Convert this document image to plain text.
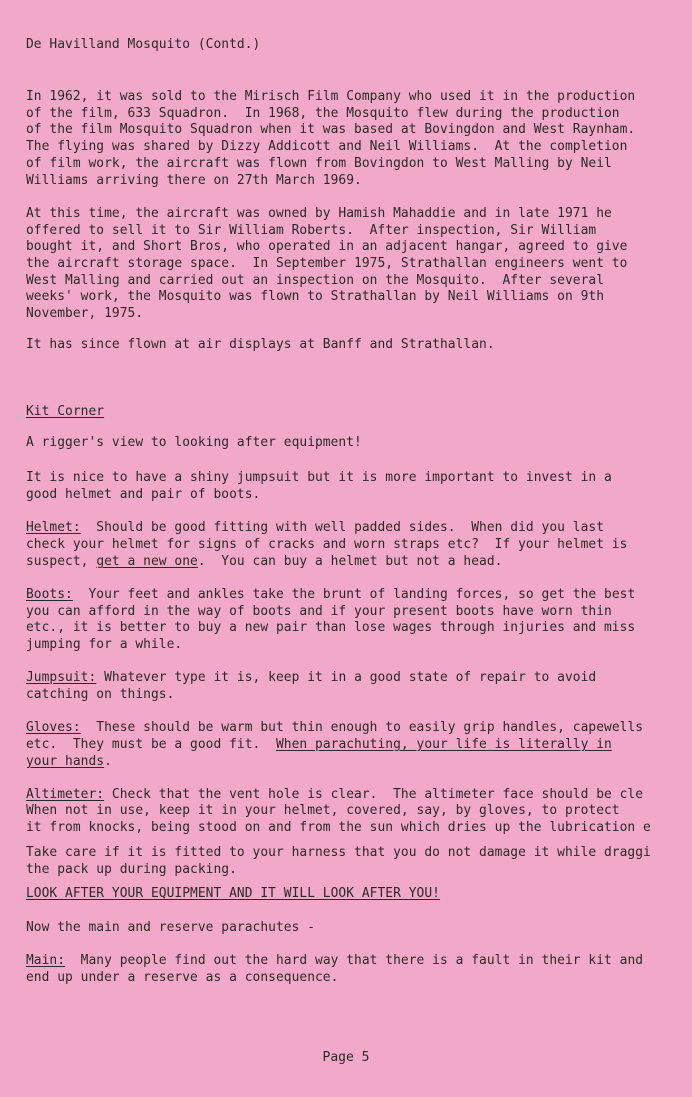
De Havilland Mosquito (Contd.)
In 1962, it was sold to the Mirisch Film Company who used it in the production
of the film, 633 Squadron.  In 1968, the Mosquito flew during the production
of the film Mosquito Squadron when it was based at Bovingdon and West Raynham.
The flying was shared by Dizzy Addicott and Neil Williams.  At the completion
of film work, the aircraft was flown from Bovingdon to West Malling by Neil
Williams arriving there on 27th March 1969.
At this time, the aircraft was owned by Hamish Mahaddie and in late 1971 he
offered to sell it to Sir William Roberts.  After inspection, Sir William
bought it, and Short Bros, who operated in an adjacent hangar, agreed to give
the aircraft storage space.  In September 1975, Strathallan engineers went to
West Malling and carried out an inspection on the Mosquito.  After several
weeks' work, the Mosquito was flown to Strathallan by Neil Williams on 9th
November, 1975.
It has since flown at air displays at Banff and Strathallan.
Kit Corner
A rigger's view to looking after equipment!
It is nice to have a shiny jumpsuit but it is more important to invest in a
good helmet and pair of boots.
Helmet:  Should be good fitting with well padded sides.  When did you last
check your helmet for signs of cracks and worn straps etc?  If your helmet is
suspect, get a new one.  You can buy a helmet but not a head.
Boots:  Your feet and ankles take the brunt of landing forces, so get the best
you can afford in the way of boots and if your present boots have worn thin
etc., it is better to buy a new pair than lose wages through injuries and miss
jumping for a while.
Jumpsuit: Whatever type it is, keep it in a good state of repair to avoid
catching on things.
Gloves:  These should be warm but thin enough to easily grip handles, capewells
etc.  They must be a good fit.  When parachuting, your life is literally in
your hands.
Altimeter: Check that the vent hole is clear.  The altimeter face should be cle
When not in use, keep it in your helmet, covered, say, by gloves, to protect
it from knocks, being stood on and from the sun which dries up the lubrication e
Take care if it is fitted to your harness that you do not damage it while draggi
the pack up during packing.
LOOK AFTER YOUR EQUIPMENT AND IT WILL LOOK AFTER YOU!
Now the main and reserve parachutes -
Main:  Many people find out the hard way that there is a fault in their kit and
end up under a reserve as a consequence.
Page 5
